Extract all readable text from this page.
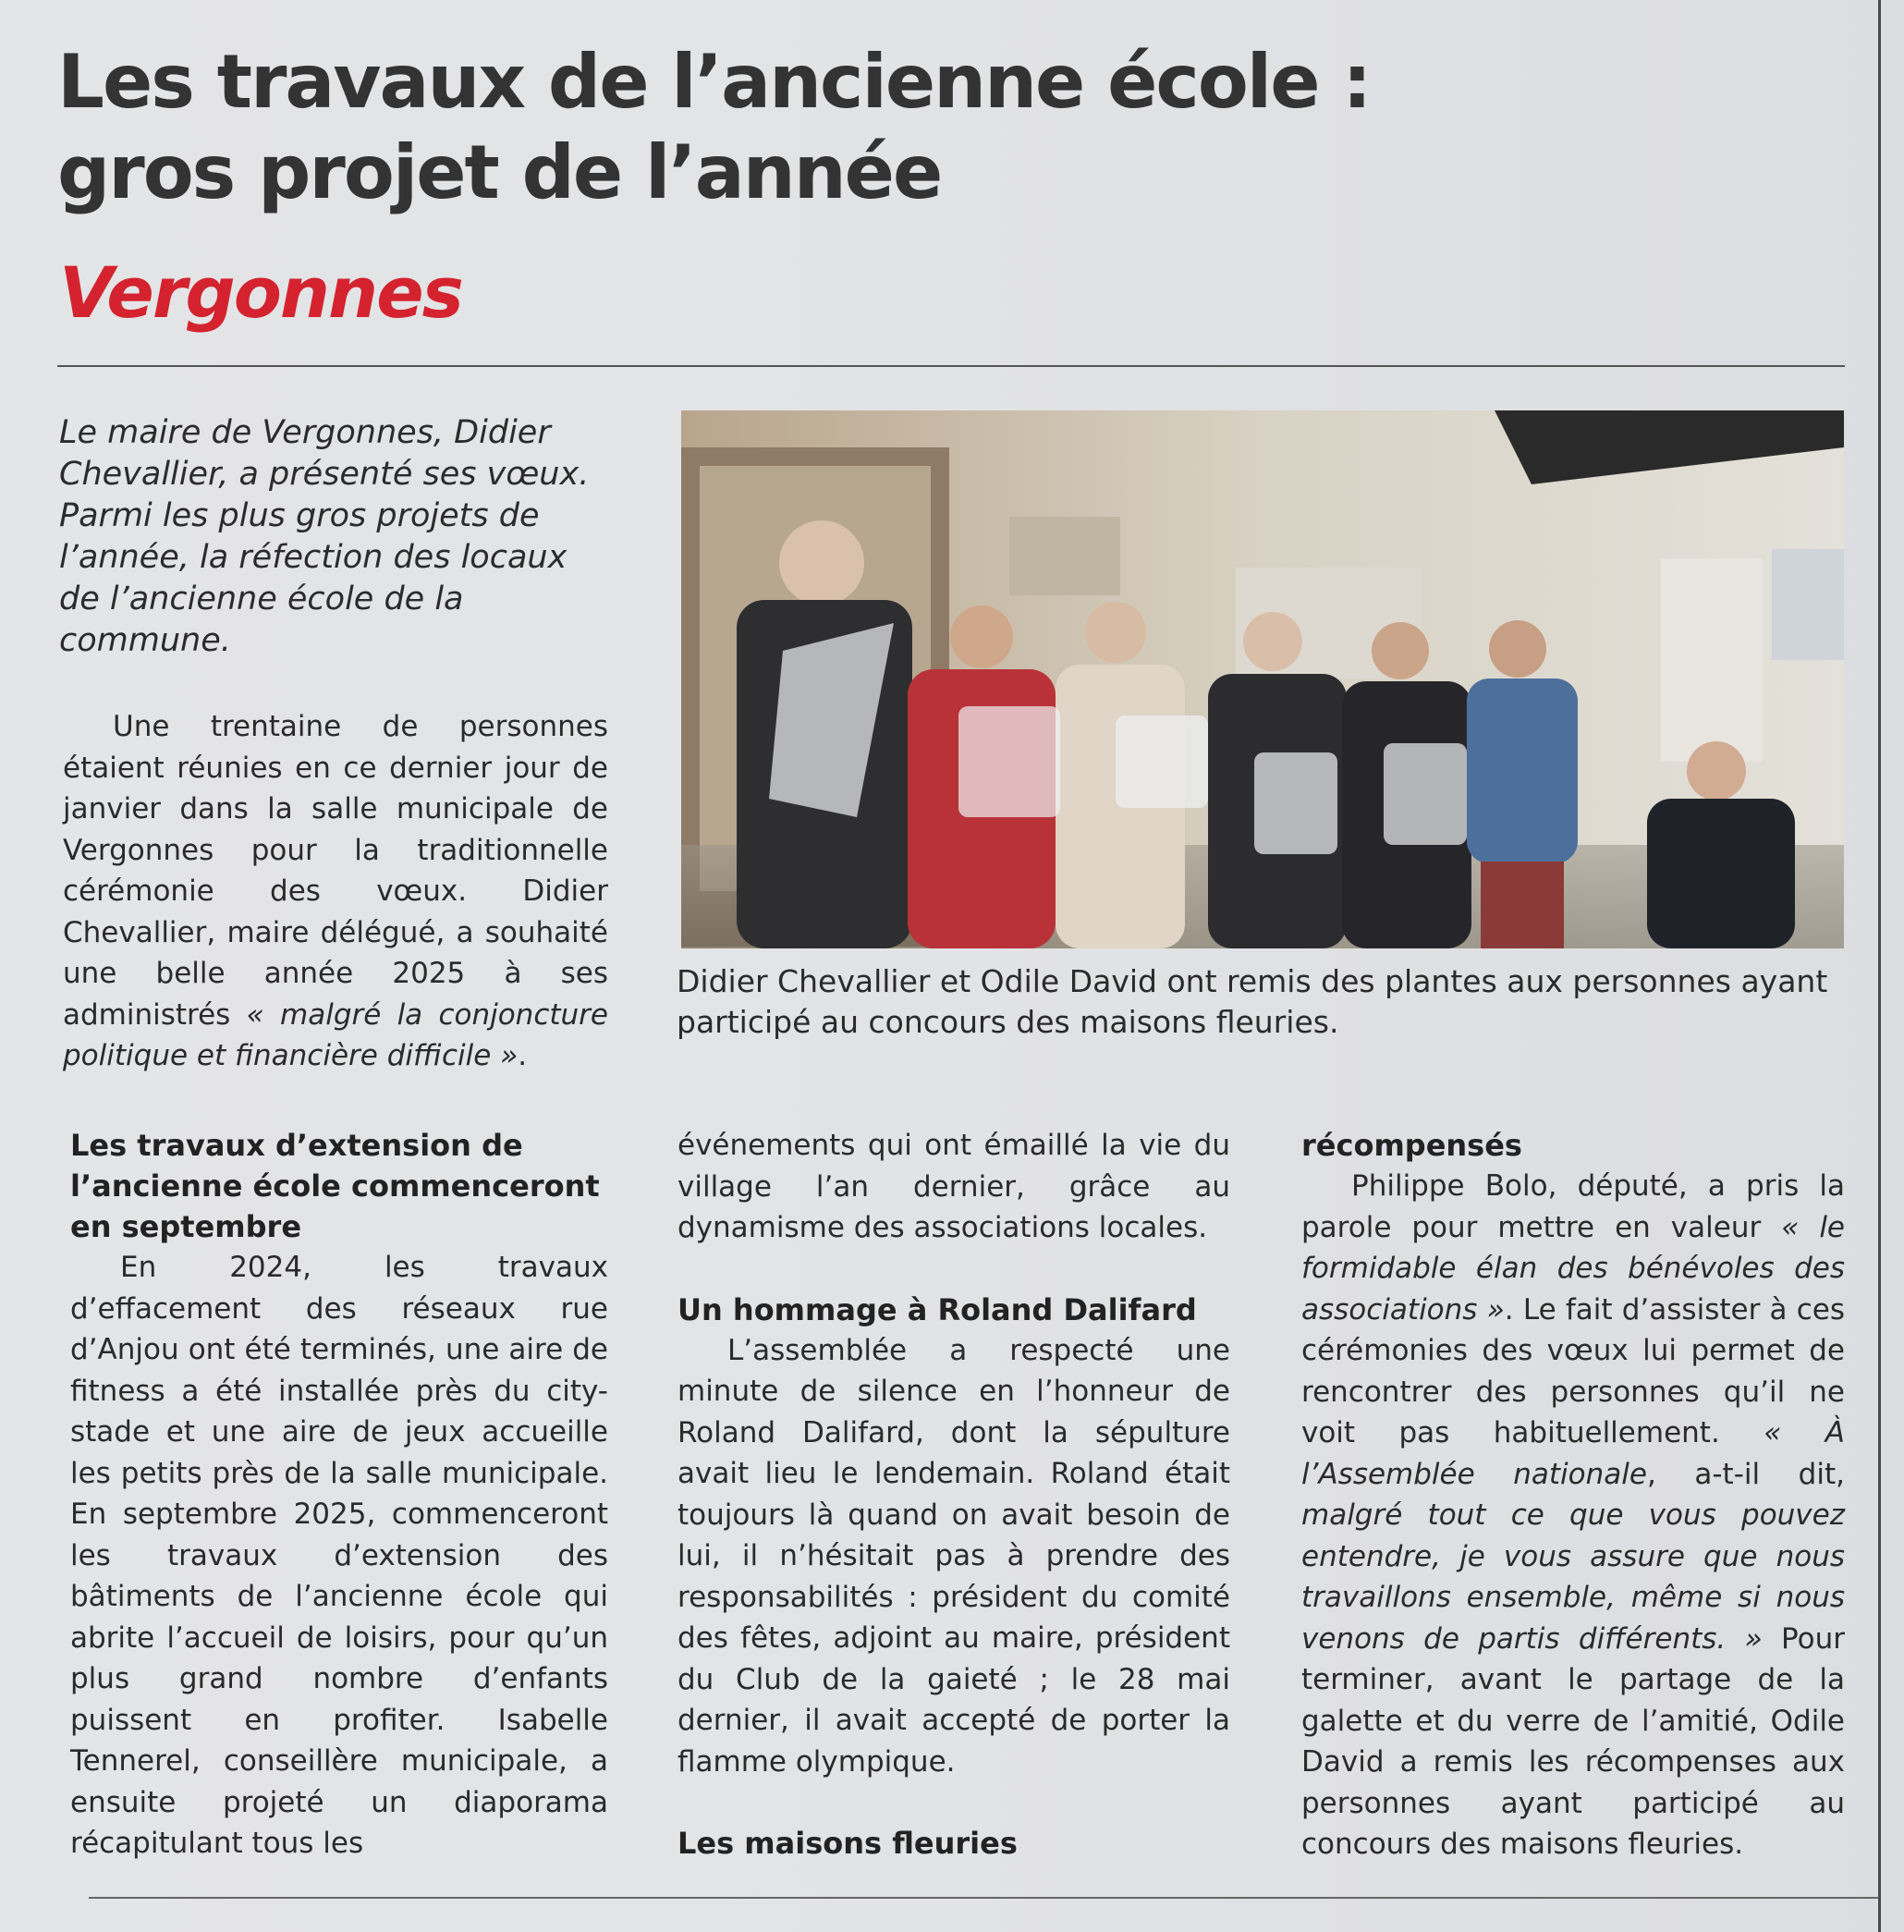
Les travaux de l’ancienne école :
gros projet de l’année
Vergonnes

Le maire de Vergonnes, Didier Chevallier, a présenté ses vœux. Parmi les plus gros projets de l’année, la réfection des locaux de l’ancienne école de la commune.

Une trentaine de personnes étaient réunies en ce dernier jour de janvier dans la salle municipale de Vergonnes pour la traditionnelle cérémonie des vœux. Didier Chevallier, maire délégué, a souhaité une belle année 2025 à ses administrés « malgré la conjoncture politique et financière difficile ».

Didier Chevallier et Odile David ont remis des plantes aux personnes ayant participé au concours des maisons fleuries.

Les travaux d’extension de l’ancienne école commenceront en septembre

En 2024, les travaux d’effacement des réseaux rue d’Anjou ont été terminés, une aire de fitness a été installée près du city-stade et une aire de jeux accueille les petits près de la salle municipale. En septembre 2025, commenceront les travaux d’extension des bâtiments de l’ancienne école qui abrite l’accueil de loisirs, pour qu’un plus grand nombre d’enfants puissent en profiter. Isabelle Tennerel, conseillère municipale, a ensuite projeté un diaporama récapitulant tous les

événements qui ont émaillé la vie du village l’an dernier, grâce au dynamisme des associations locales.

Un hommage à Roland Dalifard

L’assemblée a respecté une minute de silence en l’honneur de Roland Dalifard, dont la sépulture avait lieu le lendemain. Roland était toujours là quand on avait besoin de lui, il n’hésitait pas à prendre des responsabilités : président du comité des fêtes, adjoint au maire, président du Club de la gaieté ; le 28 mai dernier, il avait accepté de porter la flamme olympique.

Les maisons fleuries

récompensés

Philippe Bolo, député, a pris la parole pour mettre en valeur « le formidable élan des bénévoles des associations ». Le fait d’assister à ces cérémonies des vœux lui permet de rencontrer des personnes qu’il ne voit pas habituellement. « À l’Assemblée nationale, a-t-il dit, malgré tout ce que vous pouvez entendre, je vous assure que nous travaillons ensemble, même si nous venons de partis différents. » Pour terminer, avant le partage de la galette et du verre de l’amitié, Odile David a remis les récompenses aux personnes ayant participé au concours des maisons fleuries.
